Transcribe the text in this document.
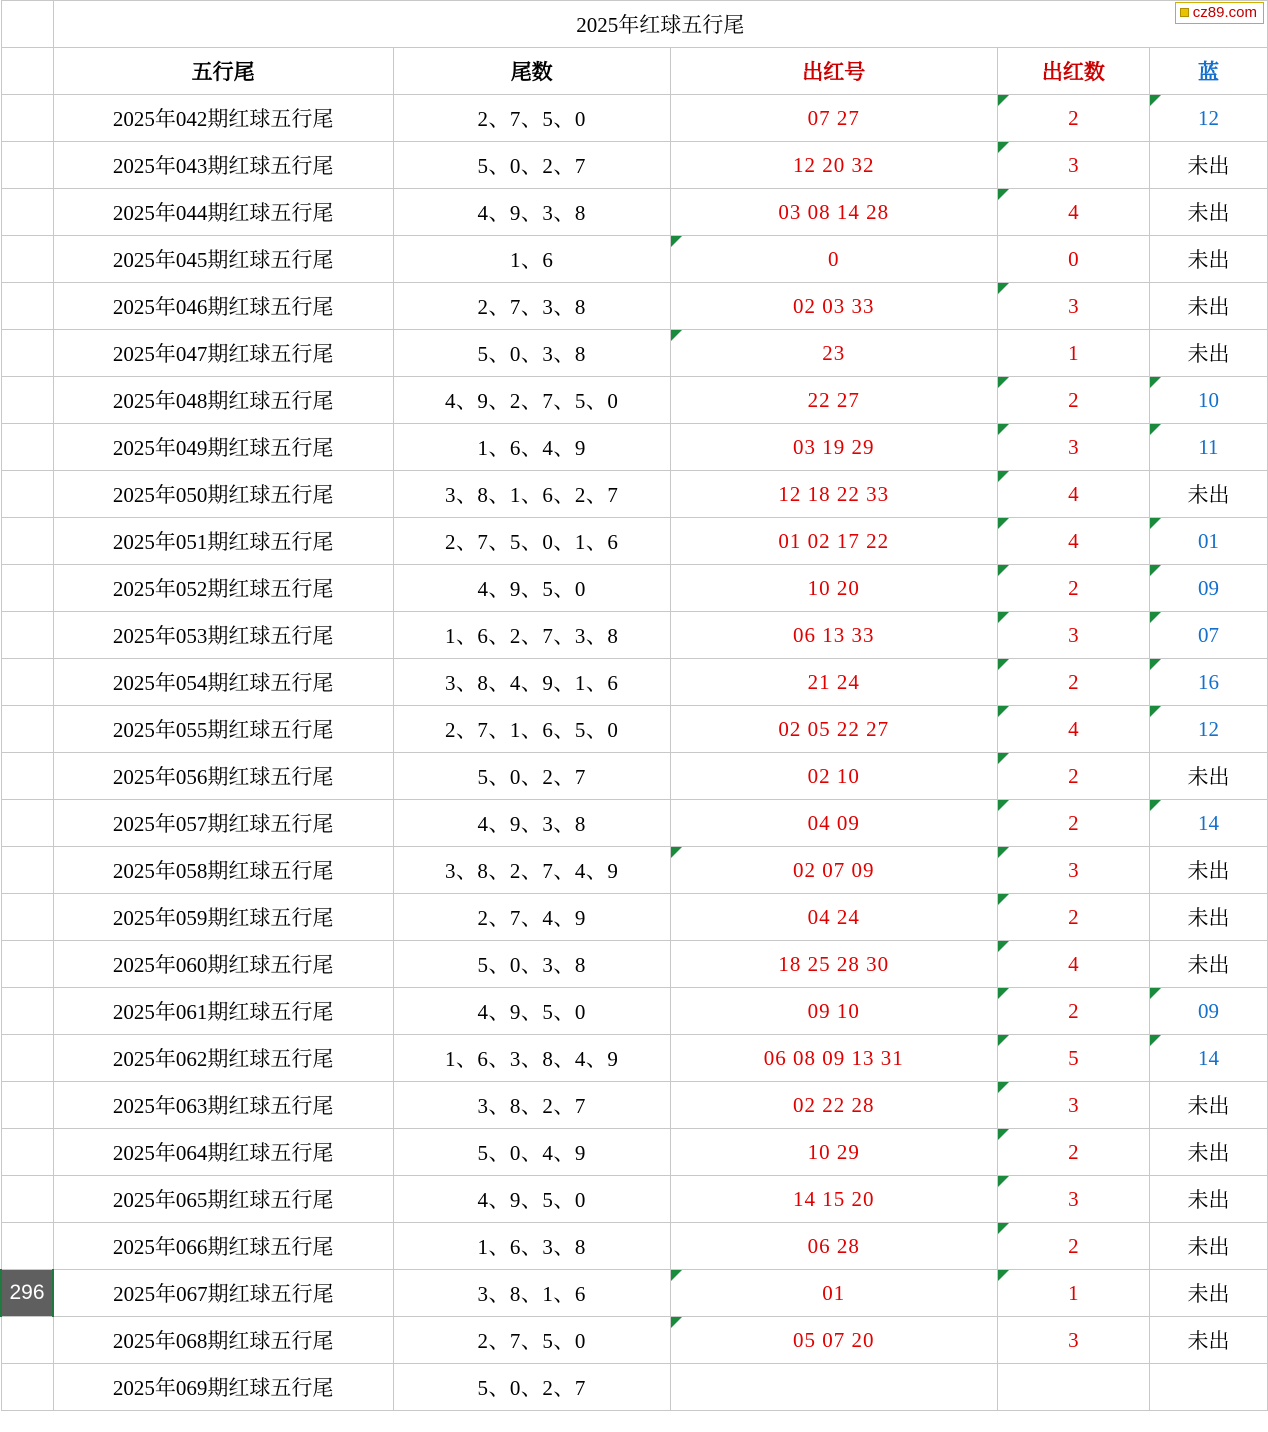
cz89.com
1	2025年红球五行尾				
2	五行尾	尾数	出红号	出红数	蓝
271	2025年042期红球五行尾	2、7、5、0	07 27	2	12

272	2025年043期红球五行尾	5、0、2、7	12 20 32	3	未出
273	2025年044期红球五行尾	4、9、3、8	03 08 14 28	4	未出
274	2025年045期红球五行尾	1、6	0	0	未出
275	2025年046期红球五行尾	2、7、3、8	02 03 33	3	未出
276	2025年047期红球五行尾	5、0、3、8	23	1	未出
277	2025年048期红球五行尾	4、9、2、7、5、0	22 27	2	10

278	2025年049期红球五行尾	1、6、4、9	03 19 29	3	11

279	2025年050期红球五行尾	3、8、1、6、2、7	12 18 22 33	4	未出
280	2025年051期红球五行尾	2、7、5、0、1、6	01 02 17 22	4	01

281	2025年052期红球五行尾	4、9、5、0	10 20	2	09

282	2025年053期红球五行尾	1、6、2、7、3、8	06 13 33	3	07

283	2025年054期红球五行尾	3、8、4、9、1、6	21 24	2	16

284	2025年055期红球五行尾	2、7、1、6、5、0	02 05 22 27	4	12

285	2025年056期红球五行尾	5、0、2、7	02 10	2	未出
286	2025年057期红球五行尾	4、9、3、8	04 09	2	14

287	2025年058期红球五行尾	3、8、2、7、4、9	02 07 09	3	未出
288	2025年059期红球五行尾	2、7、4、9	04 24	2	未出
289	2025年060期红球五行尾	5、0、3、8	18 25 28 30	4	未出
290	2025年061期红球五行尾	4、9、5、0	09 10	2	09

291	2025年062期红球五行尾	1、6、3、8、4、9	06 08 09 13 31	5	14

292	2025年063期红球五行尾	3、8、2、7	02 22 28	3	未出
293	2025年064期红球五行尾	5、0、4、9	10 29	2	未出
294	2025年065期红球五行尾	4、9、5、0	14 15 20	3	未出
295	2025年066期红球五行尾	1、6、3、8	06 28	2	未出
296	2025年067期红球五行尾	3、8、1、6	01	1	未出
297	2025年068期红球五行尾	2、7、5、0	05 07 20	3	未出
298	2025年069期红球五行尾	5、0、2、7			
